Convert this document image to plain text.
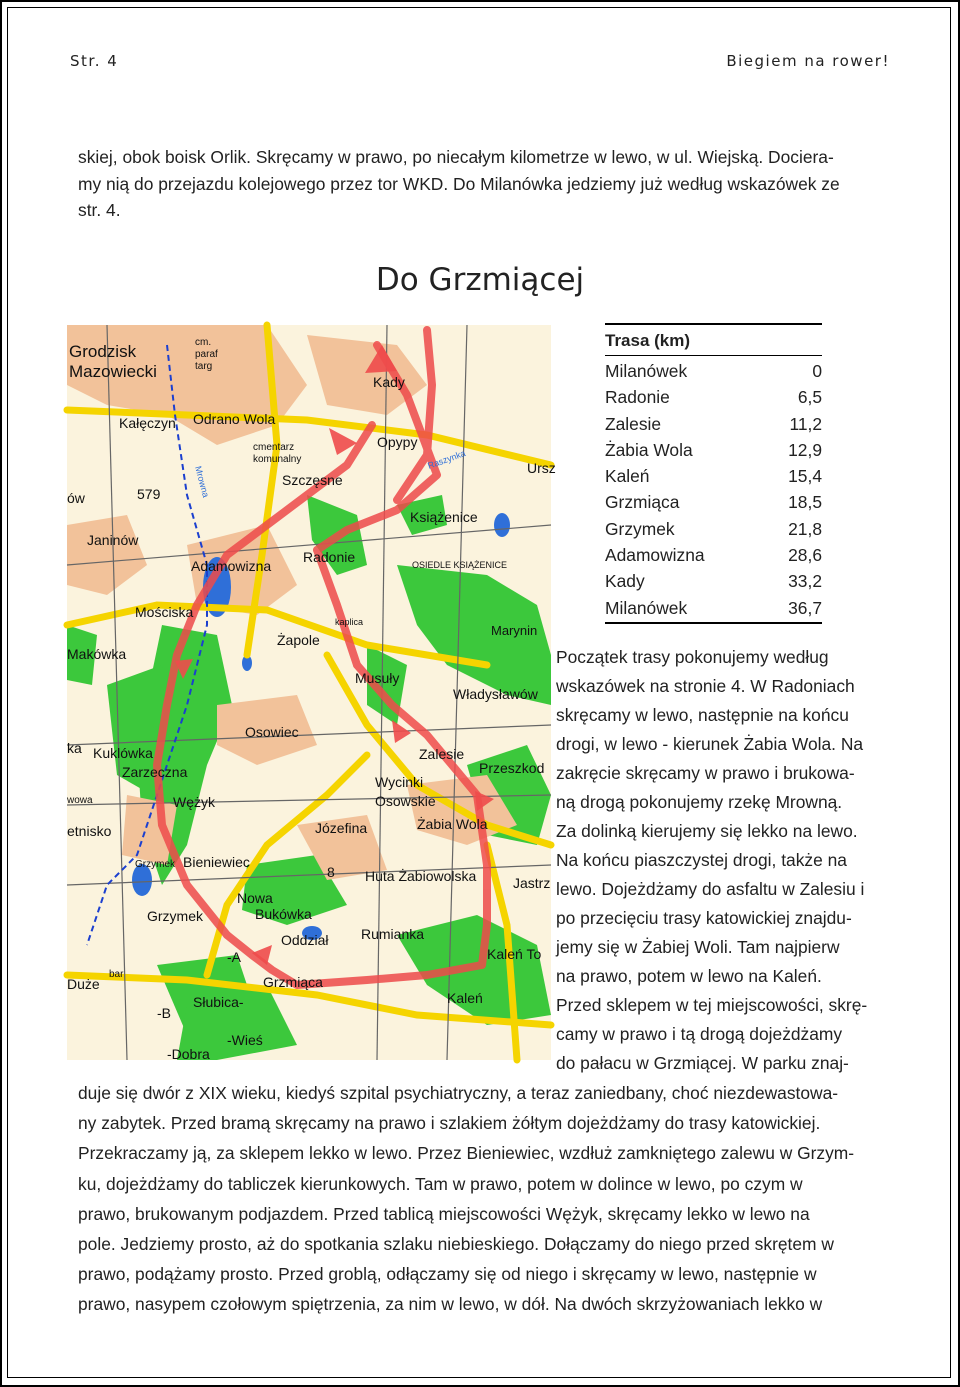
Str. 4	Biegiem na rower!

skiej, obok boisk Orlik. Skręcamy w prawo, po niecałym kilometrze w lewo, w ul. Wiejską. Dociera-

my nią do przejazdu kolejowego przez tor WKD. Do Milanówka jedziemy już według wskazówek ze

str. 4.

Do Grzmiącej
Grodzisk
Mazowiecki
cm.
paraf
targ
Kady
Kałęczyn Odrano Wola
cmentarz
komunalny
Mrowna
Opypy
Ursz
Szczęsne
Raszynka
ów	579
Książenice
Janinów
Adamowizna
Radonie	OSIEDLE KSIĄŻENICE
Mościska
kaplica
Marynin
Żapole
Makówka
Musuły
Władysławów
Osowiec
ka Kuklówka	Zalesie
Przeszkod
Zarzeczna
Wycinki
Osowskie
wowa	Wężyk
Żabia Wola
etnisko	Józefina
Grzymek Bieniewiec
8 Huta Żabiowolska	Jastrz
Nowa
Bukówka
Grzymek
Oddział Rumianka
bar
-A	Kaleń To
Duże	Grzmiąca
Słubica-	Kaleń
-B
-Wieś
-Dobra
Trasa (km)
Milanówek	0
Radonie	6,5
Zalesie	11,2
Żabia Wola	12,9
Kaleń	15,4
Grzmiąca	18,5
Grzymek	21,8
Adamowizna	28,6
Kady	33,2
Milanówek	36,7
Początek trasy pokonujemy według
wskazówek na stronie 4. W Radoniach
skręcamy w lewo, następnie na końcu
drogi, w lewo - kierunek Żabia Wola. Na
zakręcie skręcamy w prawo i brukowa-
ną drogą pokonujemy rzekę Mrowną.
Za dolinką kierujemy się lekko na lewo.
Na końcu piaszczystej drogi, także na
lewo. Dojeżdżamy do asfaltu w Zalesiu i
po przecięciu trasy katowickiej znajdu-
jemy się w Żabiej Woli. Tam najpierw
na prawo, potem w lewo na Kaleń.
Przed sklepem w tej miejscowości, skrę-
camy w prawo i tą drogą dojeżdżamy
do pałacu w Grzmiącej. W parku znaj-
duje się dwór z XIX wieku, kiedyś szpital psychiatryczny, a teraz zaniedbany, choć niezdewastowa-
ny zabytek. Przed bramą skręcamy na prawo i szlakiem żółtym dojeżdżamy do trasy katowickiej.
Przekraczamy ją, za sklepem lekko w lewo. Przez Bieniewiec, wzdłuż zamkniętego zalewu w Grzym-
ku, dojeżdżamy do tabliczek kierunkowych. Tam w prawo, potem w dolince w lewo, po czym w
prawo, brukowanym podjazdem. Przed tablicą miejscowości Wężyk, skręcamy lekko w lewo na
pole. Jedziemy prosto, aż do spotkania szlaku niebieskiego. Dołączamy do niego przed skrętem w
prawo, podążamy prosto. Przed groblą, odłączamy się od niego i skręcamy w lewo, następnie w
prawo, nasypem czołowym spiętrzenia, za nim w lewo, w dół. Na dwóch skrzyżowaniach lekko w
